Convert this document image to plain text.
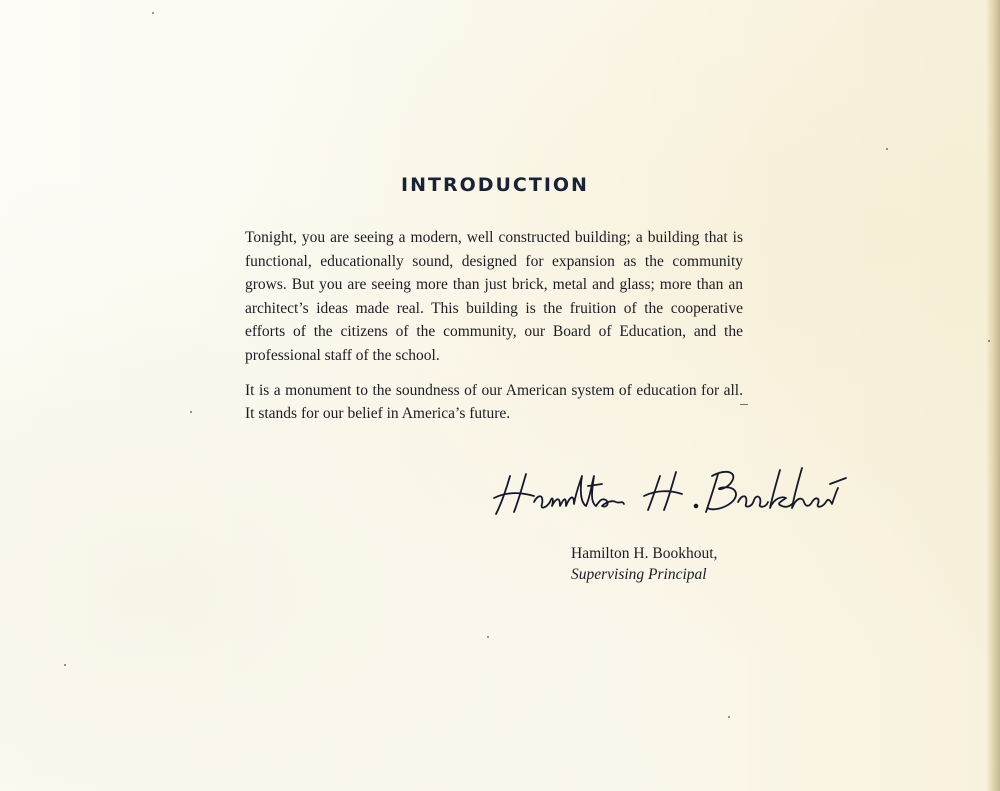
INTRODUCTION

Tonight, you are seeing a modern, well constructed building; a building that is functional, educationally sound, designed for expansion as the community grows. But you are seeing more than just brick, metal and glass; more than an architect’s ideas made real. This building is the fruition of the cooperative efforts of the citizens of the community, our Board of Education, and the professional staff of the school.

It is a monument to the soundness of our American system of education for all. It stands for our belief in America’s future.

Hamilton H. Bookhout,
Supervising Principal
